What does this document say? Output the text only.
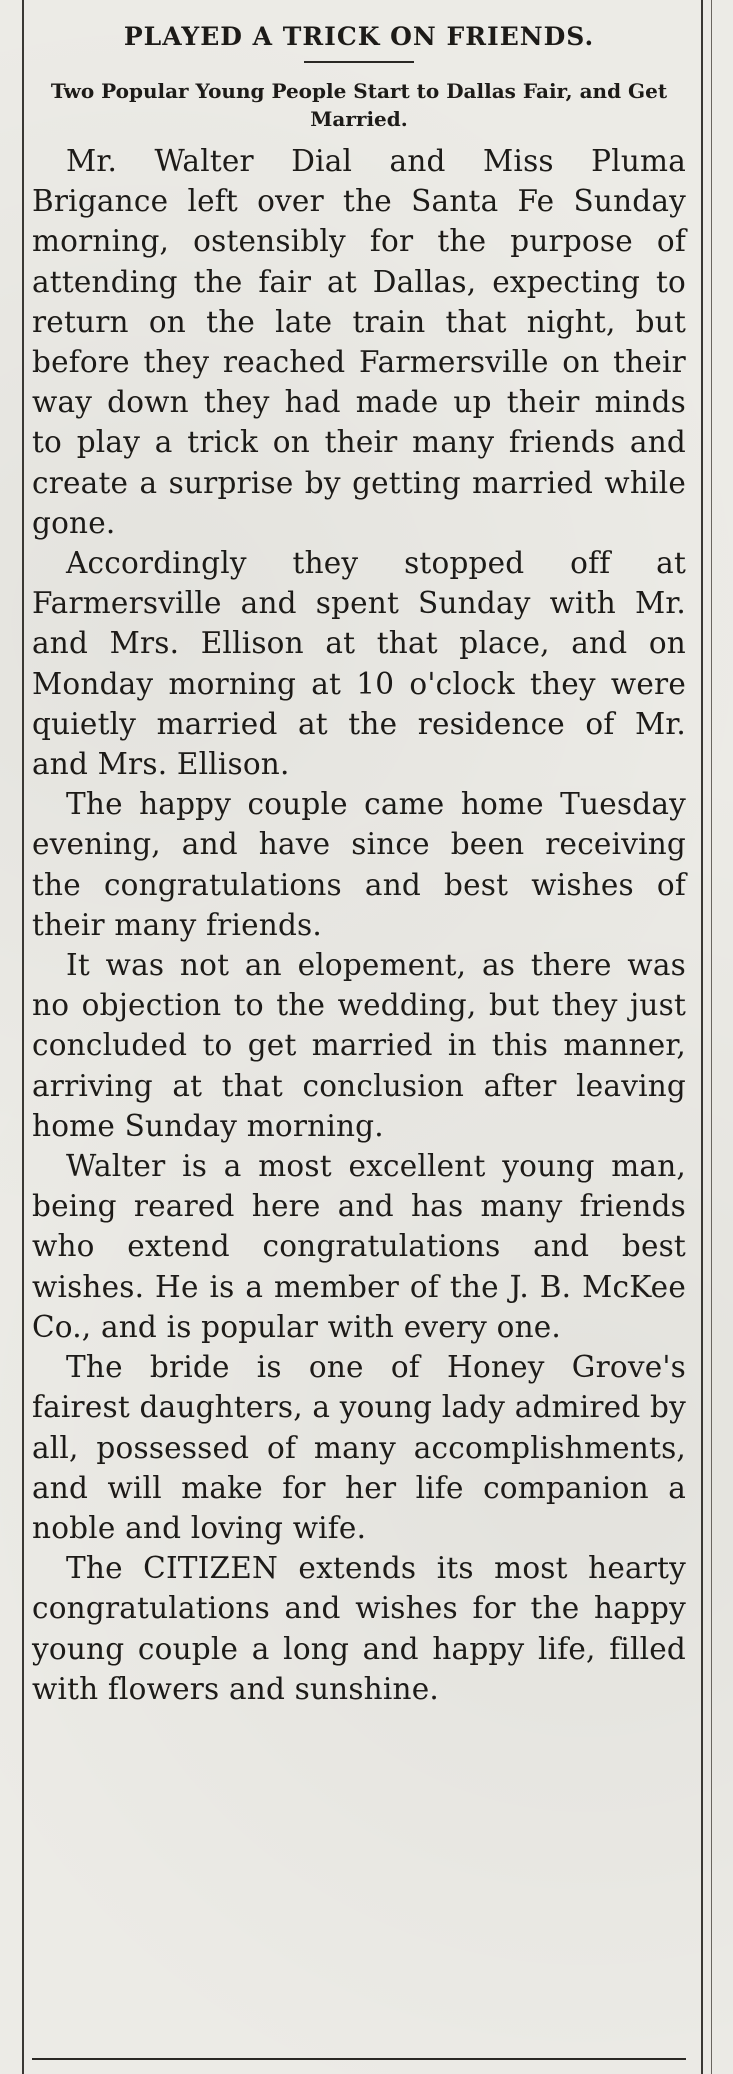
PLAYED A TRICK ON FRIENDS.
Two Popular Young People Start to Dallas Fair, and Get Married.

Mr. Walter Dial and Miss Pluma Brigance left over the Santa Fe Sunday morning, ostensibly for the purpose of attending the fair at Dallas, expecting to return on the late train that night, but before they reached Farmersville on their way down they had made up their minds to play a trick on their many friends and create a surprise by getting married while gone.

Accordingly they stopped off at Farmersville and spent Sunday with Mr. and Mrs. Ellison at that place, and on Monday morning at 10 o'clock they were quietly married at the residence of Mr. and Mrs. Ellison.

The happy couple came home Tuesday evening, and have since been receiving the congratulations and best wishes of their many friends.

It was not an elopement, as there was no objection to the wedding, but they just concluded to get married in this manner, arriving at that conclusion after leaving home Sunday morning.

Walter is a most excellent young man, being reared here and has many friends who extend congratulations and best wishes. He is a member of the J. B. McKee Co., and is popular with every one.

The bride is one of Honey Grove's fairest daughters, a young lady admired by all, possessed of many accomplishments, and will make for her life companion a noble and loving wife.

The CITIZEN extends its most hearty congratulations and wishes for the happy young couple a long and happy life, filled with flowers and sunshine.
